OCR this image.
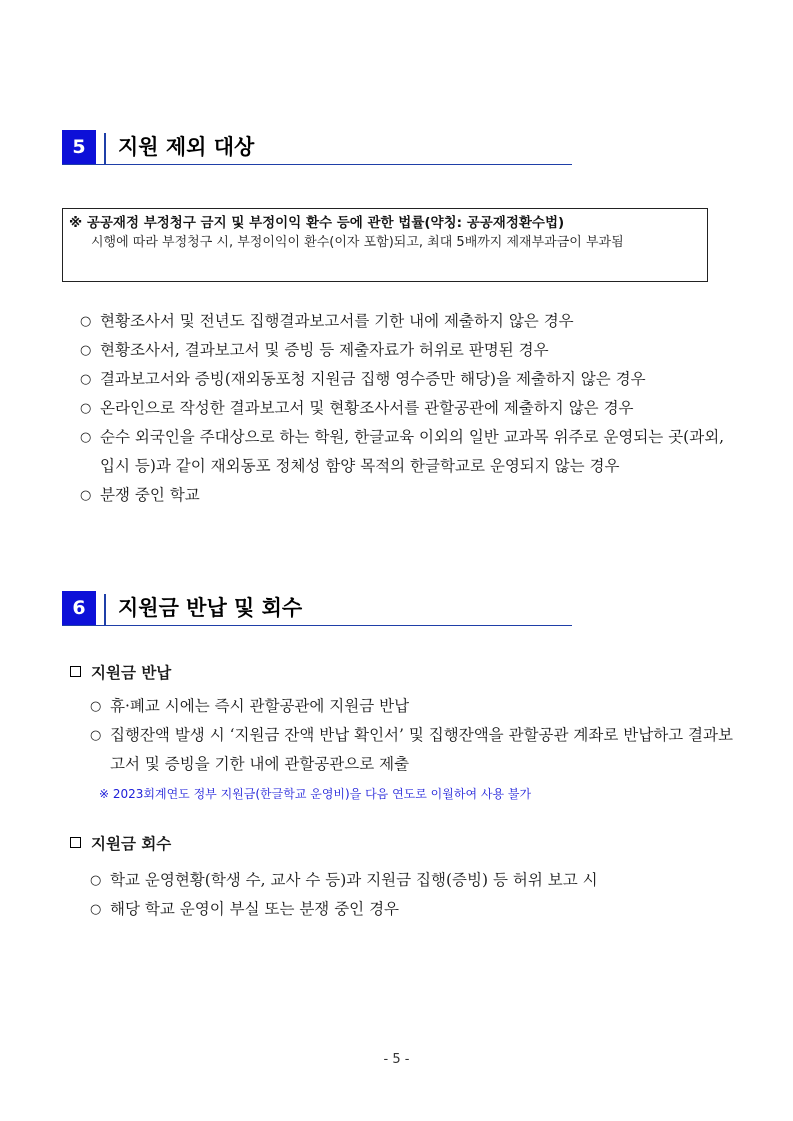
5	지원 제외 대상
※ 공공재정 부정청구 금지 및 부정이익 환수 등에 관한 법률(약칭: 공공재정환수법)
시행에 따라 부정청구 시, 부정이익이 환수(이자 포함)되고, 최대 5배까지 제재부과금이 부과됨
○ 현황조사서 및 전년도 집행결과보고서를 기한 내에 제출하지 않은 경우
○ 현황조사서, 결과보고서 및 증빙 등 제출자료가 허위로 판명된 경우
○ 결과보고서와 증빙(재외동포청 지원금 집행 영수증만 해당)을 제출하지 않은 경우
○ 온라인으로 작성한 결과보고서 및 현황조사서를 관할공관에 제출하지 않은 경우
○ 순수 외국인을 주대상으로 하는 학원, 한글교육 이외의 일반 교과목 위주로 운영되는 곳(과외, 입시 등)과 같이 재외동포 정체성 함양 목적의 한글학교로 운영되지 않는 경우
○ 분쟁 중인 학교
6	지원금 반납 및 회수
지원금 반납
○ 휴·폐교 시에는 즉시 관할공관에 지원금 반납
○ 집행잔액 발생 시 ‘지원금 잔액 반납 확인서’ 및 집행잔액을 관할공관 계좌로 반납하고 결과보고서 및 증빙을 기한 내에 관할공관으로 제출
※ 2023회계연도 정부 지원금(한글학교 운영비)을 다음 연도로 이월하여 사용 불가
지원금 회수
○ 학교 운영현황(학생 수, 교사 수 등)과 지원금 집행(증빙) 등 허위 보고 시
○ 해당 학교 운영이 부실 또는 분쟁 중인 경우
- 5 -
